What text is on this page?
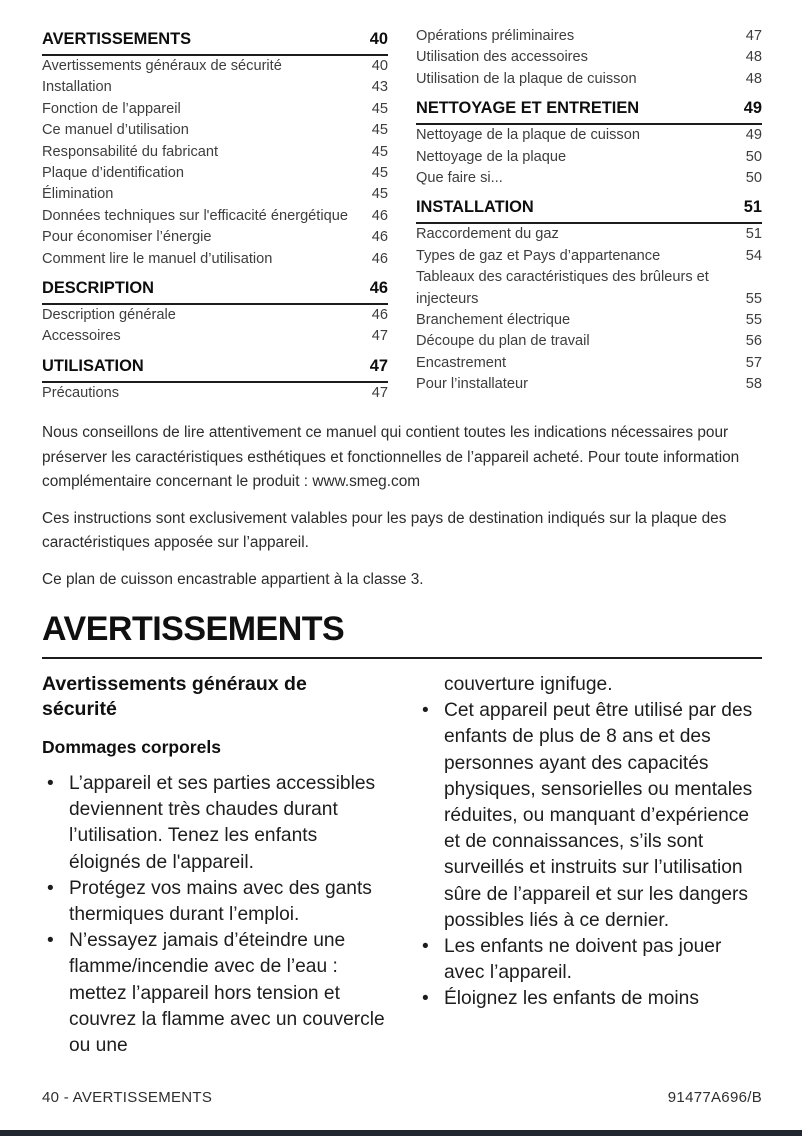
AVERTISSEMENTS	40
Avertissements généraux de sécurité	40
Installation	43
Fonction de l’appareil	45
Ce manuel d’utilisation	45
Responsabilité du fabricant	45
Plaque d’identification	45
Élimination	45
Données techniques sur l'efficacité énergétique	46
Pour économiser l’énergie	46
Comment lire le manuel d’utilisation	46
DESCRIPTION	46
Description générale	46
Accessoires	47
UTILISATION	47
Précautions	47
Opérations préliminaires	47
Utilisation des accessoires	48
Utilisation de la plaque de cuisson	48
NETTOYAGE ET ENTRETIEN	49
Nettoyage de la plaque de cuisson	49
Nettoyage de la plaque	50
Que faire si...	50
INSTALLATION	51
Raccordement du gaz	51
Types de gaz et Pays d’appartenance	54
Tableaux des caractéristiques des brûleurs et injecteurs	55
Branchement électrique	55
Découpe du plan de travail	56
Encastrement	57
Pour l’installateur	58

Nous conseillons de lire attentivement ce manuel qui contient toutes les indications nécessaires pour préserver les caractéristiques esthétiques et fonctionnelles de l’appareil acheté. Pour toute information complémentaire concernant le produit : www.smeg.com

Ces instructions sont exclusivement valables pour les pays de destination indiqués sur la plaque des caractéristiques apposée sur l’appareil.

Ce plan de cuisson encastrable appartient à la classe 3.

AVERTISSEMENTS
Avertissements généraux de sécurité
Dommages corporels
• L’appareil et ses parties accessibles deviennent très chaudes durant l’utilisation. Tenez les enfants éloignés de l'appareil.
• Protégez vos mains avec des gants thermiques durant l’emploi.
• N’essayez jamais d’éteindre une flamme/incendie avec de l’eau : mettez l’appareil hors tension et couvrez la flamme avec un couvercle ou une

couverture ignifuge.

• Cet appareil peut être utilisé par des enfants de plus de 8 ans et des personnes ayant des capacités physiques, sensorielles ou mentales réduites, ou manquant d’expérience et de connaissances, s’ils sont surveillés et instruits sur l’utilisation sûre de l’appareil et sur les dangers possibles liés à ce dernier.
• Les enfants ne doivent pas jouer avec l’appareil.
• Éloignez les enfants de moins
40 - AVERTISSEMENTS	91477A696/B
